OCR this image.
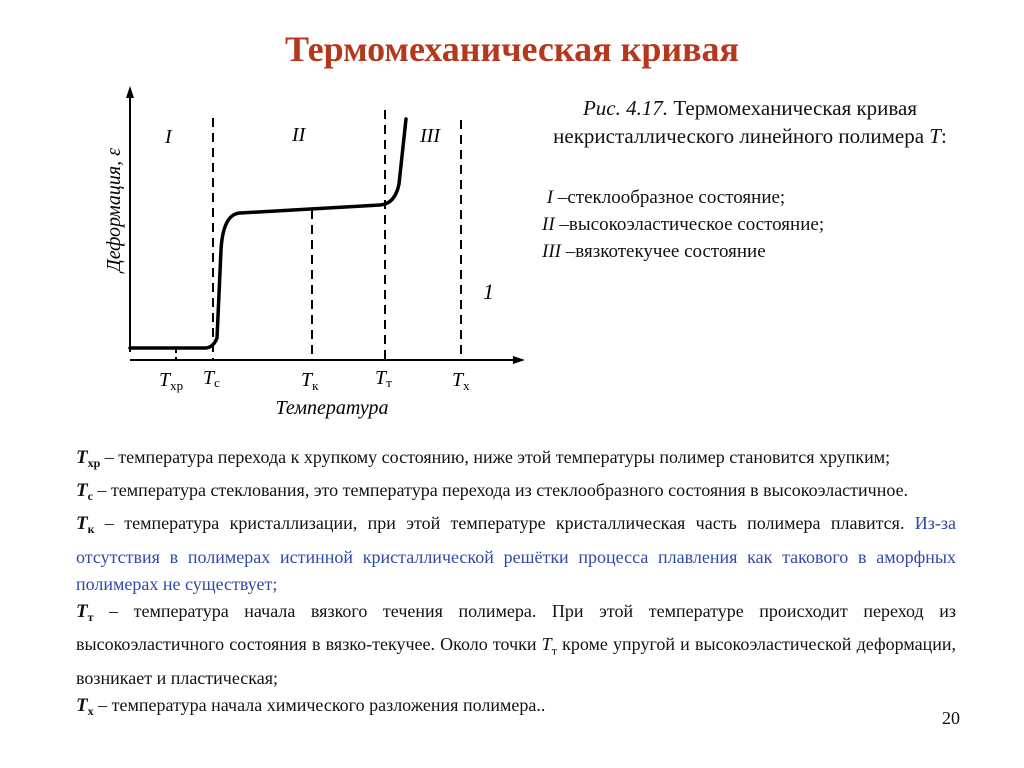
Термомеханическая кривая
Деформация, ε
I	II	III
1
$T_{хр}$ Tс	$T_к$	Tт	$T_х$
Температура
Рис. 4.17. Термомеханическая кривая некристаллического линейного полимера T:
I –стеклообразное состояние;
II –высокоэластическое состояние;
III –вязкотекучее состояние

$T_{хр}$ – температура перехода к хрупкому состоянию, ниже этой температуры полимер становится хрупким;

$T_с$ – температура стеклования, это температура перехода из стеклообразного состояния в высокоэластичное.

$T_к$ – температура кристаллизации, при этой температуре кристаллическая часть полимера плавится. Из-за отсутствия в полимерах истинной кристаллической решётки процесса плавления как такового в аморфных полимерах не существует;

$T_т$ – температура начала вязкого течения полимера. При этой температуре происходит переход из высокоэластичного состояния в вязко-текучее. Около точки $T_т$ кроме упругой и высокоэластической деформации, возникает и пластическая;

$T_х$ – температура начала химического разложения полимера..

20
